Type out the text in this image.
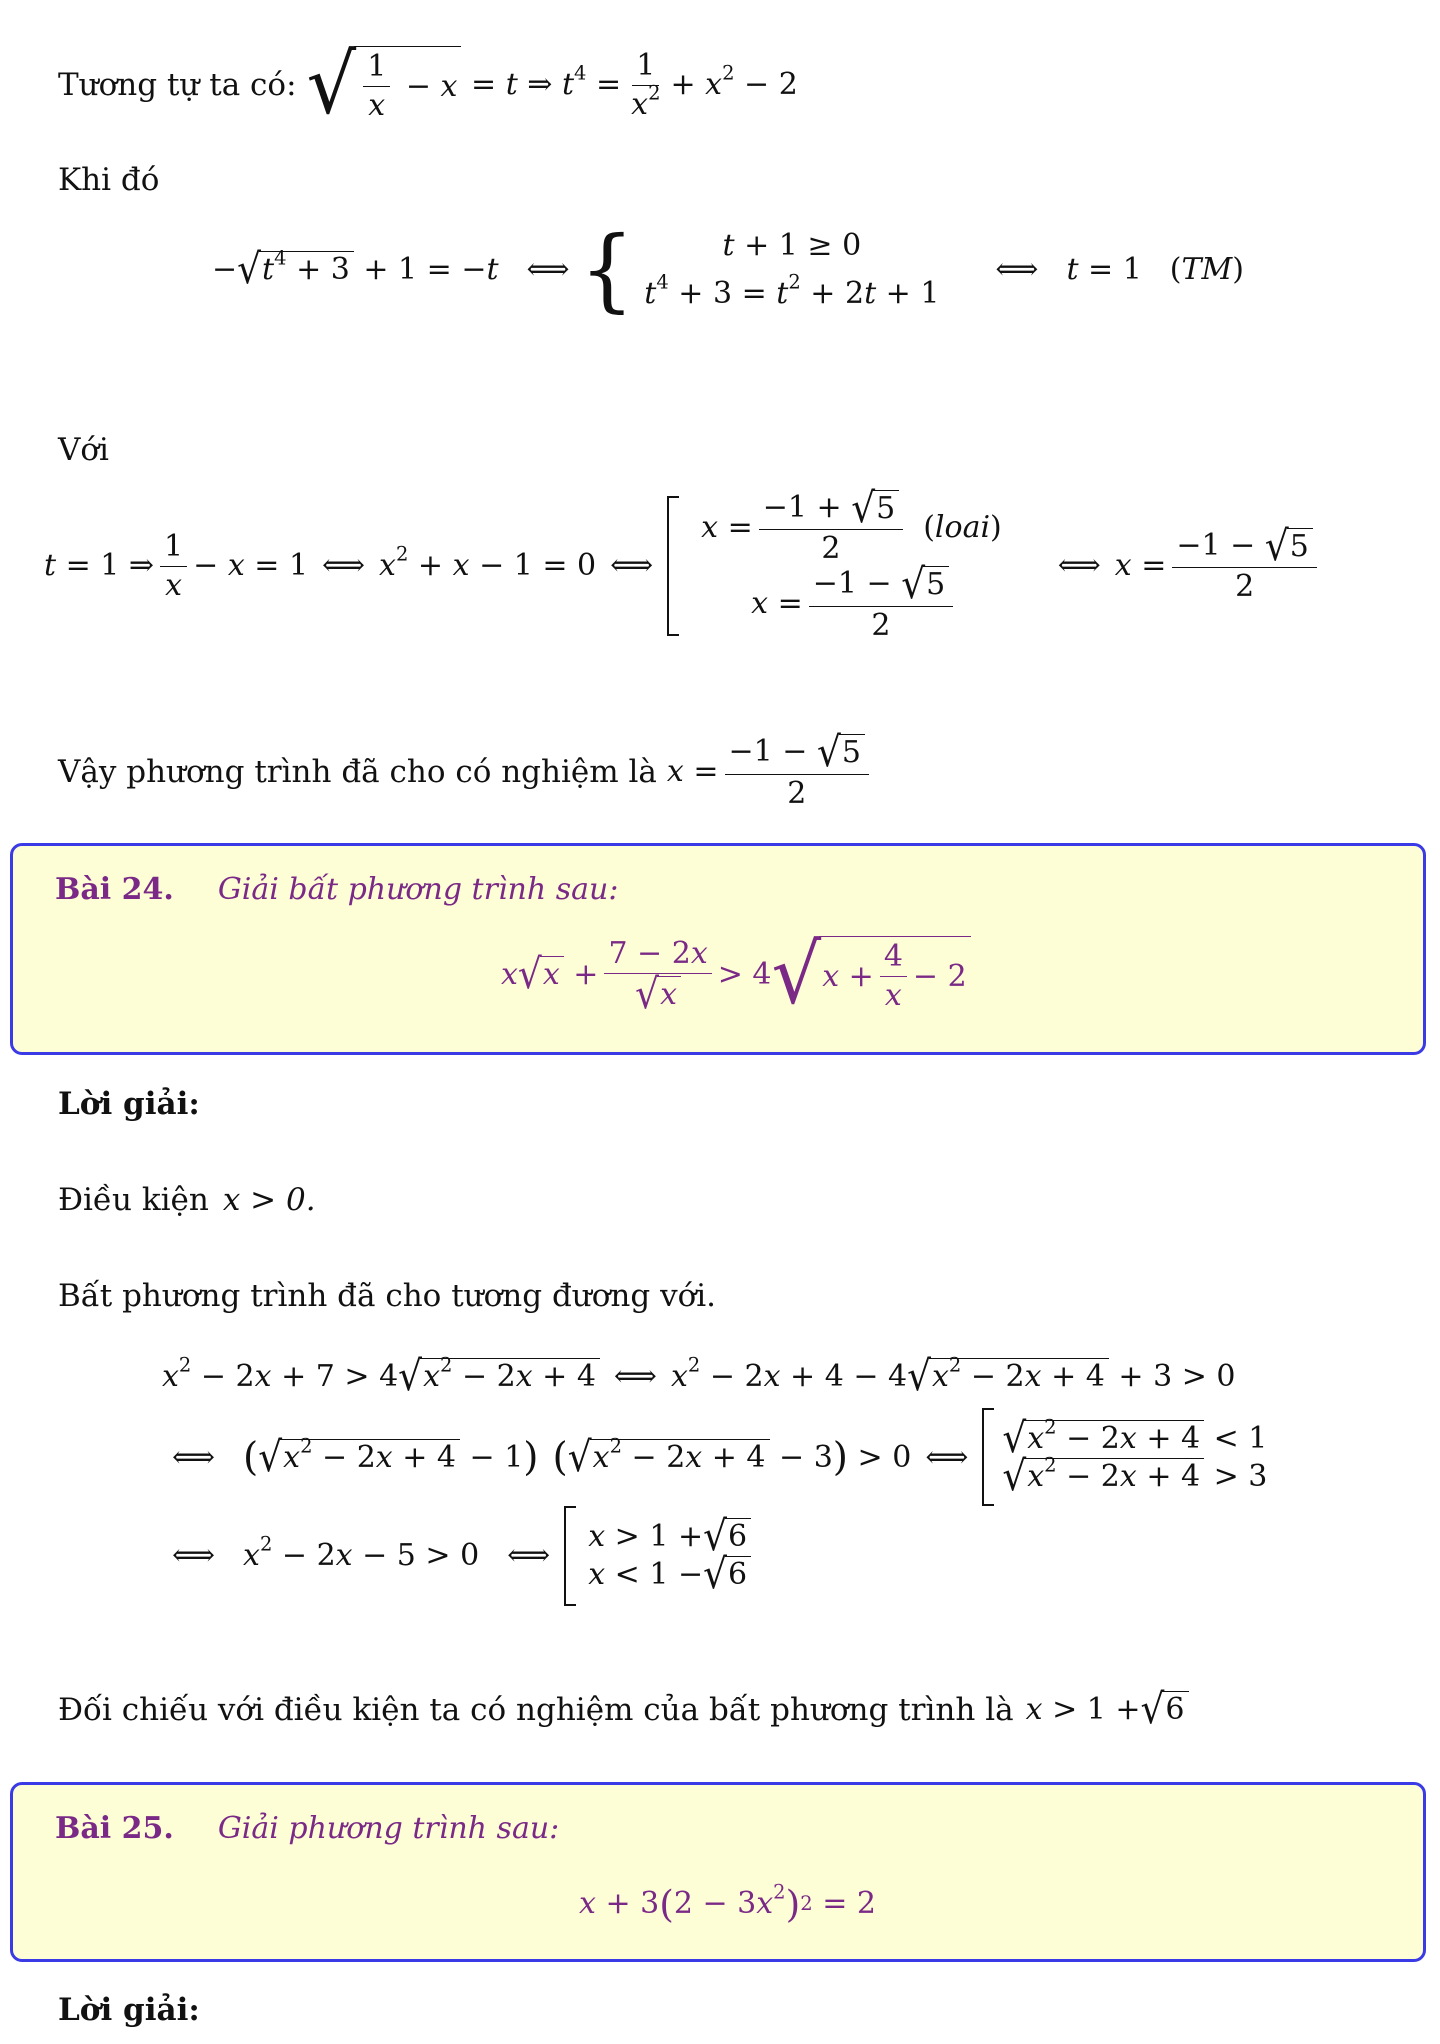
Tương tự ta có: √ $\frac{1}{x} - x = t$ ⇒ $t^4 = \frac{1}{x^2} + x^2 - 2$
Khi đó
− √ $t^4 + 3 + 1 = -t$ ⟺ {	t + 1 ≥ 0
$t^4 + 3 = t^2 + 2t + 1$
⟺ t = 1 (TM)
Với
t = 1 ⇒ $\frac{1}{x} - x = 1$ ⟺ $x^2 + x - 1 = 0$ ⟺
$x = \frac{-1 + √ 5}{2}$ ( loai )
$x = \frac{-1 - √ 5}{2}$
⟺ $x = \frac{-1 - √ 5}{2}$
Vậy phương trình đã cho có nghiệm là $x = \frac{-1 - √ 5}{2}$
Bài 24. Giải bất phương trình sau:
x √ $x + \frac{7 - 2x}{√ x} > 4$ √ $x + \frac{4}{x} - 2$
Lời giải:
Điều kiện x > 0.
Bất phương trình đã cho tương đương với.
$x^2 - 2x + 7 > 4$ √ $x^2 - 2x + 4$ ⟺ $x^2 - 2x + 4 - 4$ √ $x^2 - 2x + 4 + 3 > 0$
⟺ ( √ $x^2 - 2x + 4 - 1$ ) ( √ $x^2 - 2x + 4 - 3$ ) > 0 ⟺ √ $x^2 - 2x + 4 < 1$
√ $x^2 - 2x + 4 > 3$
⟺ $x^2 - 2x - 5 > 0$ ⟺
x > 1 + √ 6
x < 1 − √ 6
Đối chiếu với điều kiện ta có nghiệm của bất phương trình là x > 1 + √ 6
Bài 25. Giải phương trình sau:
x + 3 ( $2 - 3x^2$ ) 2 = 2
Lời giải:
